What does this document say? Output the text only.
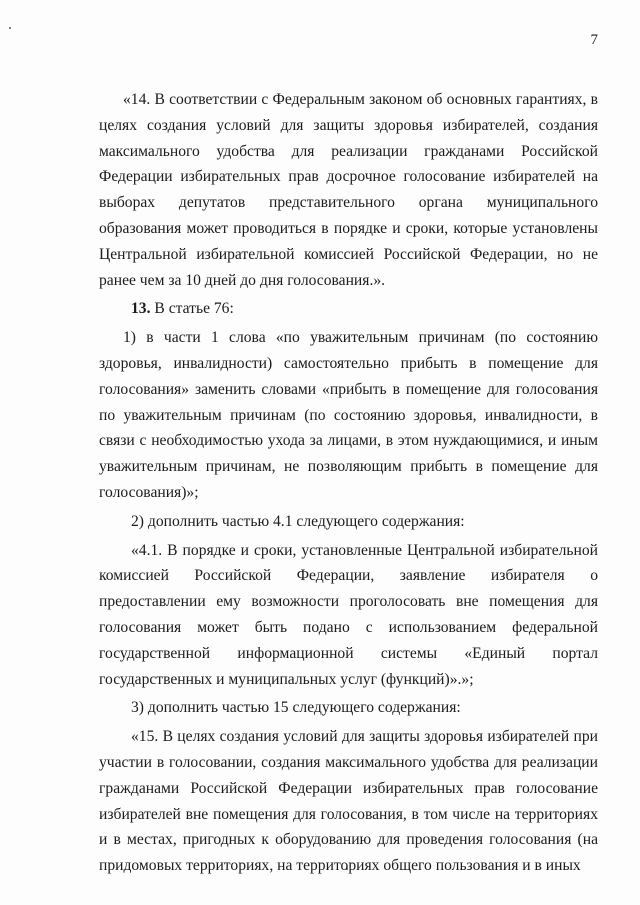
7

«14. В соответствии с Федеральным законом об основных гарантиях, в целях создания условий для защиты здоровья избирателей, создания максимального удобства для реализации гражданами Российской Федерации избирательных прав досрочное голосование избирателей на выборах депутатов представительного органа муниципального образования может проводиться в порядке и сроки, которые установлены Центральной избирательной комиссией Российской Федерации, но не ранее чем за 10 дней до дня голосования.».

13. В статье 76:

1) в части 1 слова «по уважительным причинам (по состоянию здоровья, инвалидности) самостоятельно прибыть в помещение для голосования» заменить словами «прибыть в помещение для голосования по уважительным причинам (по состоянию здоровья, инвалидности, в связи с необходимостью ухода за лицами, в этом нуждающимися, и иным уважительным причинам, не позволяющим прибыть в помещение для голосования)»;

2) дополнить частью 4.1 следующего содержания:

«4.1. В порядке и сроки, установленные Центральной избирательной комиссией Российской Федерации, заявление избирателя о предоставлении ему возможности проголосовать вне помещения для голосования может быть подано с использованием федеральной государственной информационной системы «Единый портал государственных и муниципальных услуг (функций)».»;

3) дополнить частью 15 следующего содержания:

«15. В целях создания условий для защиты здоровья избирателей при участии в голосовании, создания максимального удобства для реализации гражданами Российской Федерации избирательных прав голосование избирателей вне помещения для голосования, в том числе на территориях и в местах, пригодных к оборудованию для проведения голосования (на придомовых территориях, на территориях общего пользования и в иных
